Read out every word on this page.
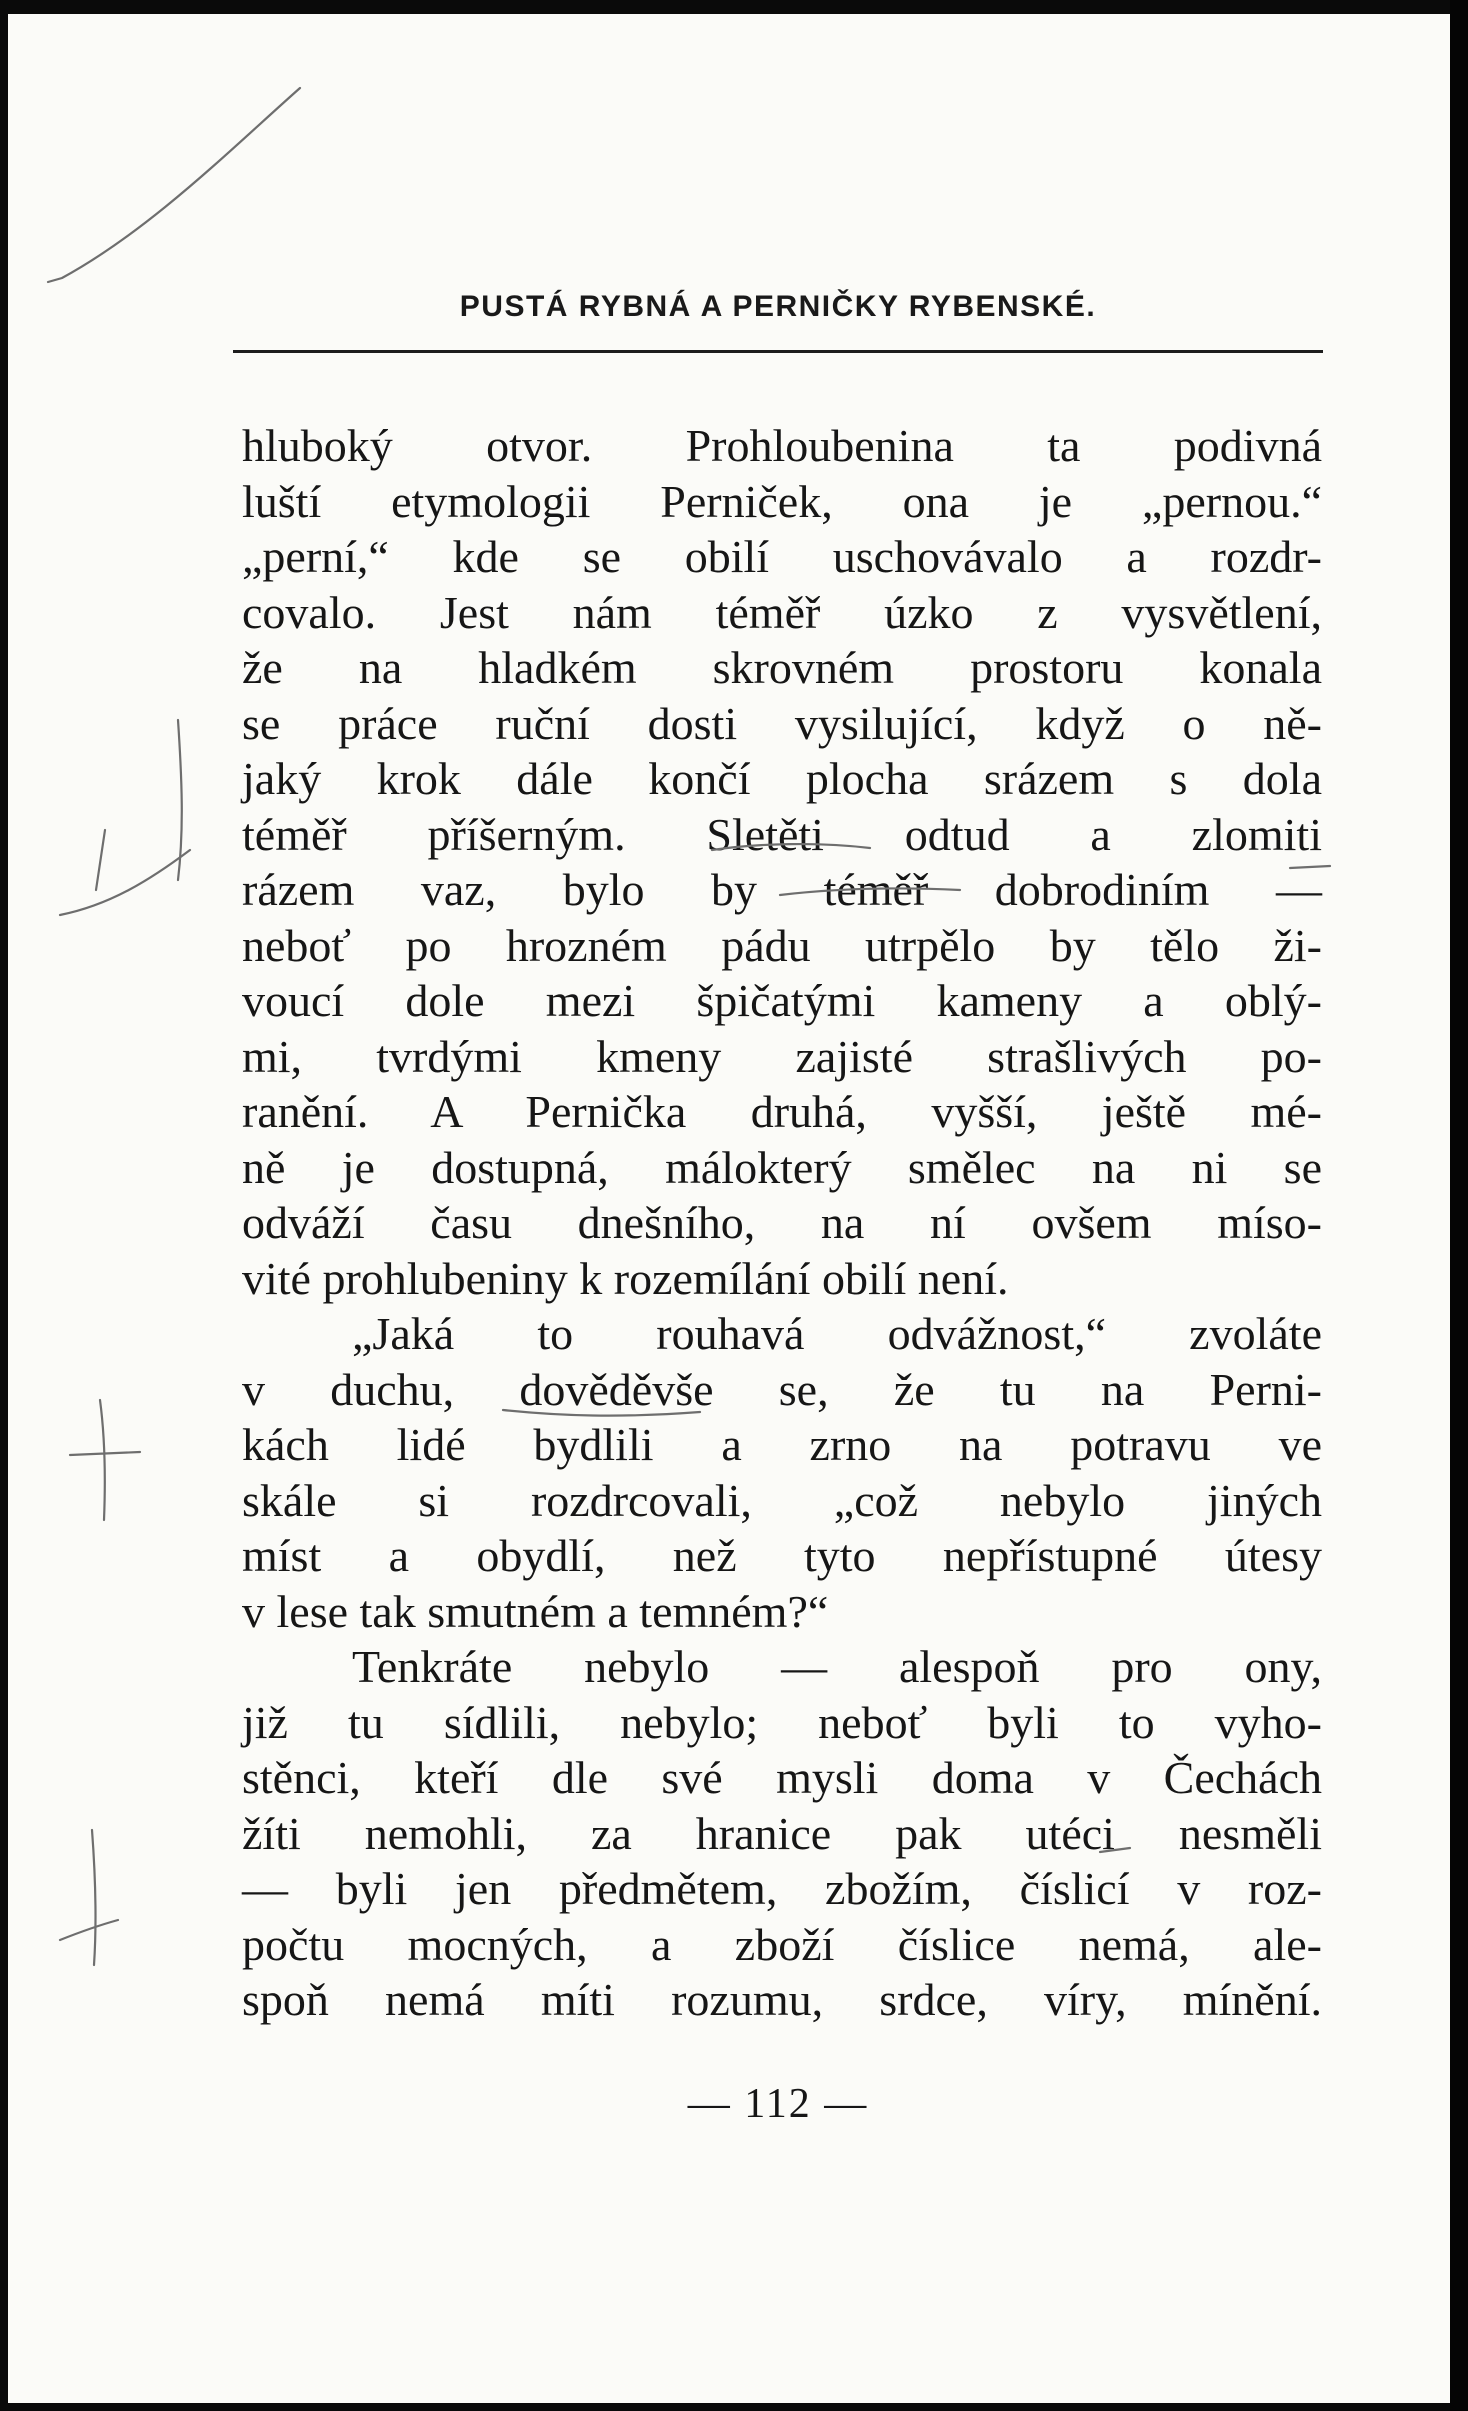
PUSTÁ RYBNÁ A PERNIČKY RYBENSKÉ.
hluboký otvor. Prohloubenina ta podivná
luští etymologii Perniček, ona je „pernou.“
„perní,“ kde se obilí uschovávalo a rozdr-
covalo. Jest nám téměř úzko z vysvětlení,
že na hladkém skrovném prostoru konala
se práce ruční dosti vysilující, když o ně-
jaký krok dále končí plocha srázem s dola
téměř příšerným. Sletěti odtud a zlomiti
rázem vaz, bylo by téměř dobrodiním —
neboť po hrozném pádu utrpělo by tělo ži-
voucí dole mezi špičatými kameny a oblý-
mi, tvrdými kmeny zajisté strašlivých po-
ranění. A Pernička druhá, vyšší, ještě mé-
ně je dostupná, málokterý smělec na ni se
odváží času dnešního, na ní ovšem míso-
vité prohlubeniny k rozemílání obilí není.
„Jaká to rouhavá odvážnost,“ zvoláte
v duchu, dověděvše se, že tu na Perni-
kách lidé bydlili a zrno na potravu ve
skále si rozdrcovali, „což nebylo jiných
míst a obydlí, než tyto nepřístupné útesy
v lese tak smutném a temném?“
Tenkráte nebylo — alespoň pro ony,
již tu sídlili, nebylo; neboť byli to vyho-
stěnci, kteří dle své mysli doma v Čechách
žíti nemohli, za hranice pak utéci nesměli
— byli jen předmětem, zbožím, číslicí v roz-
počtu mocných, a zboží číslice nemá, ale-
spoň nemá míti rozumu, srdce, víry, mínění.
— 112 —
